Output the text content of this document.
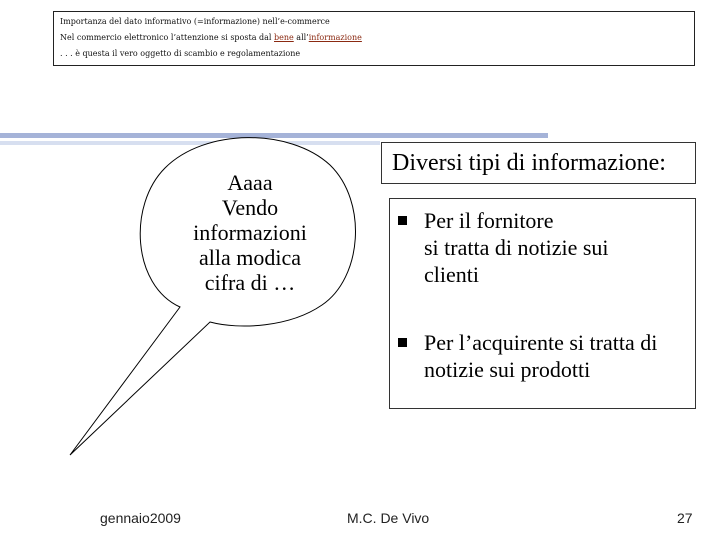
Importanza del dato informativo (=informazione) nell’e-commerce
Nel commercio elettronico l’attenzione si sposta dal bene all’informazione
. . . è questa il vero oggetto di scambio e regolamentazione
Aaaa
Vendo
informazioni
alla modica
cifra di …
Diversi tipi di informazione:
Per il fornitore
si tratta di notizie sui
clienti
Per l’acquirente si tratta di
notizie sui prodotti
gennaio2009	M.C. De Vivo	27
